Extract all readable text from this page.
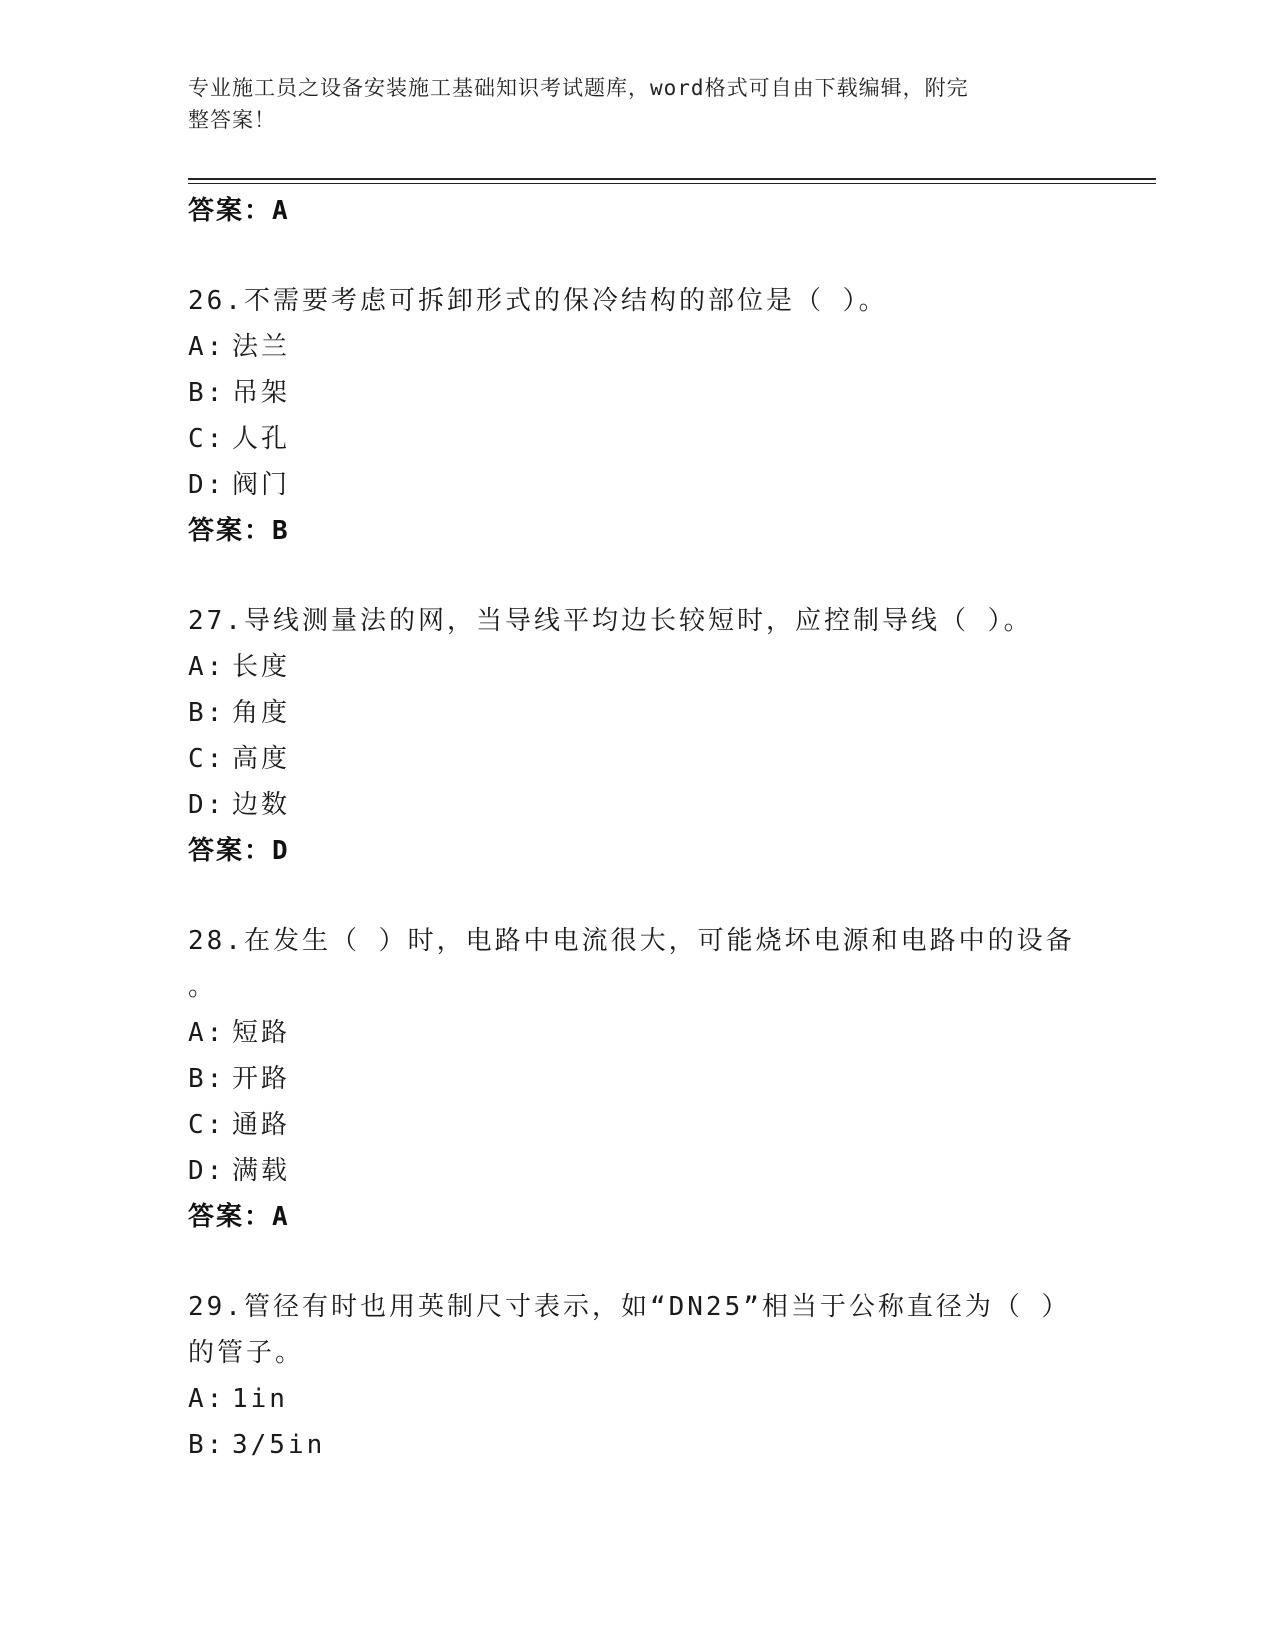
专业施工员之设备安装施工基础知识考试题库，word格式可自由下载编辑，附完
整答案！
答案：A
26.不需要考虑可拆卸形式的保冷结构的部位是（ ）。
A: 法兰
B: 吊架
C: 人孔
D: 阀门
答案：B
27.导线测量法的网，当导线平均边长较短时，应控制导线（ ）。
A: 长度
B: 角度
C: 高度
D: 边数
答案：D
28.在发生（ ）时，电路中电流很大，可能烧坏电源和电路中的设备
。
A: 短路
B: 开路
C: 通路
D: 满载
答案：A
29.管径有时也用英制尺寸表示，如“DN25”相当于公称直径为（ ）
的管子。
A: 1in
B: 3/5in
